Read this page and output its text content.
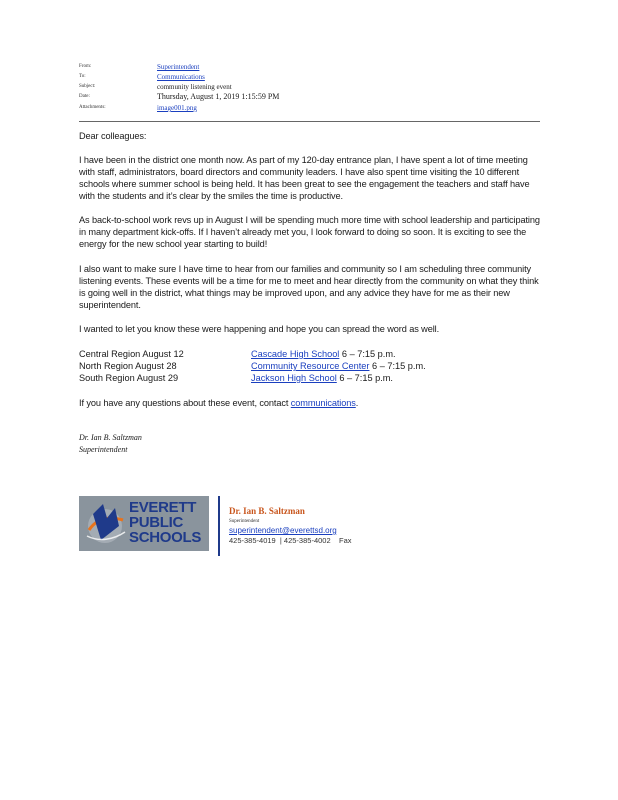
From:	Superintendent
To:	Communications
Subject:	community listening event
Date:	Thursday, August 1, 2019 1:15:59 PM
Attachments:	image001.png
Dear colleagues:
I have been in the district one month now. As part of my 120-day entrance plan, I have spent a lot of time meeting with staff, administrators, board directors and community leaders. I have also spent time visiting the 10 different schools where summer school is being held. It has been great to see the engagement the teachers and staff have with the students and it’s clear by the smiles the time is productive.
As back-to-school work revs up in August I will be spending much more time with school leadership and participating in many department kick-offs. If I haven’t already met you, I look forward to doing so soon. It is exciting to see the energy for the new school year starting to build!
I also want to make sure I have time to hear from our families and community so I am scheduling three community listening events. These events will be a time for me to meet and hear directly from the community on what they think is going well in the district, what things may be improved upon, and any advice they have for me as their new superintendent.
I wanted to let you know these were happening and hope you can spread the word as well.
Central Region August 12	Cascade High School 6 – 7:15 p.m.
North Region August 28	Community Resource Center 6 – 7:15 p.m.
South Region August 29	Jackson High School 6 – 7:15 p.m.
If you have any questions about these event, contact communications.
Dr. Ian B. Saltzman
Superintendent
EVERETT
PUBLIC
SCHOOLS
Dr. Ian B. Saltzman
Superintendent
superintendent@everettsd.org
425-385-4019 | 425-385-4002 Fax
